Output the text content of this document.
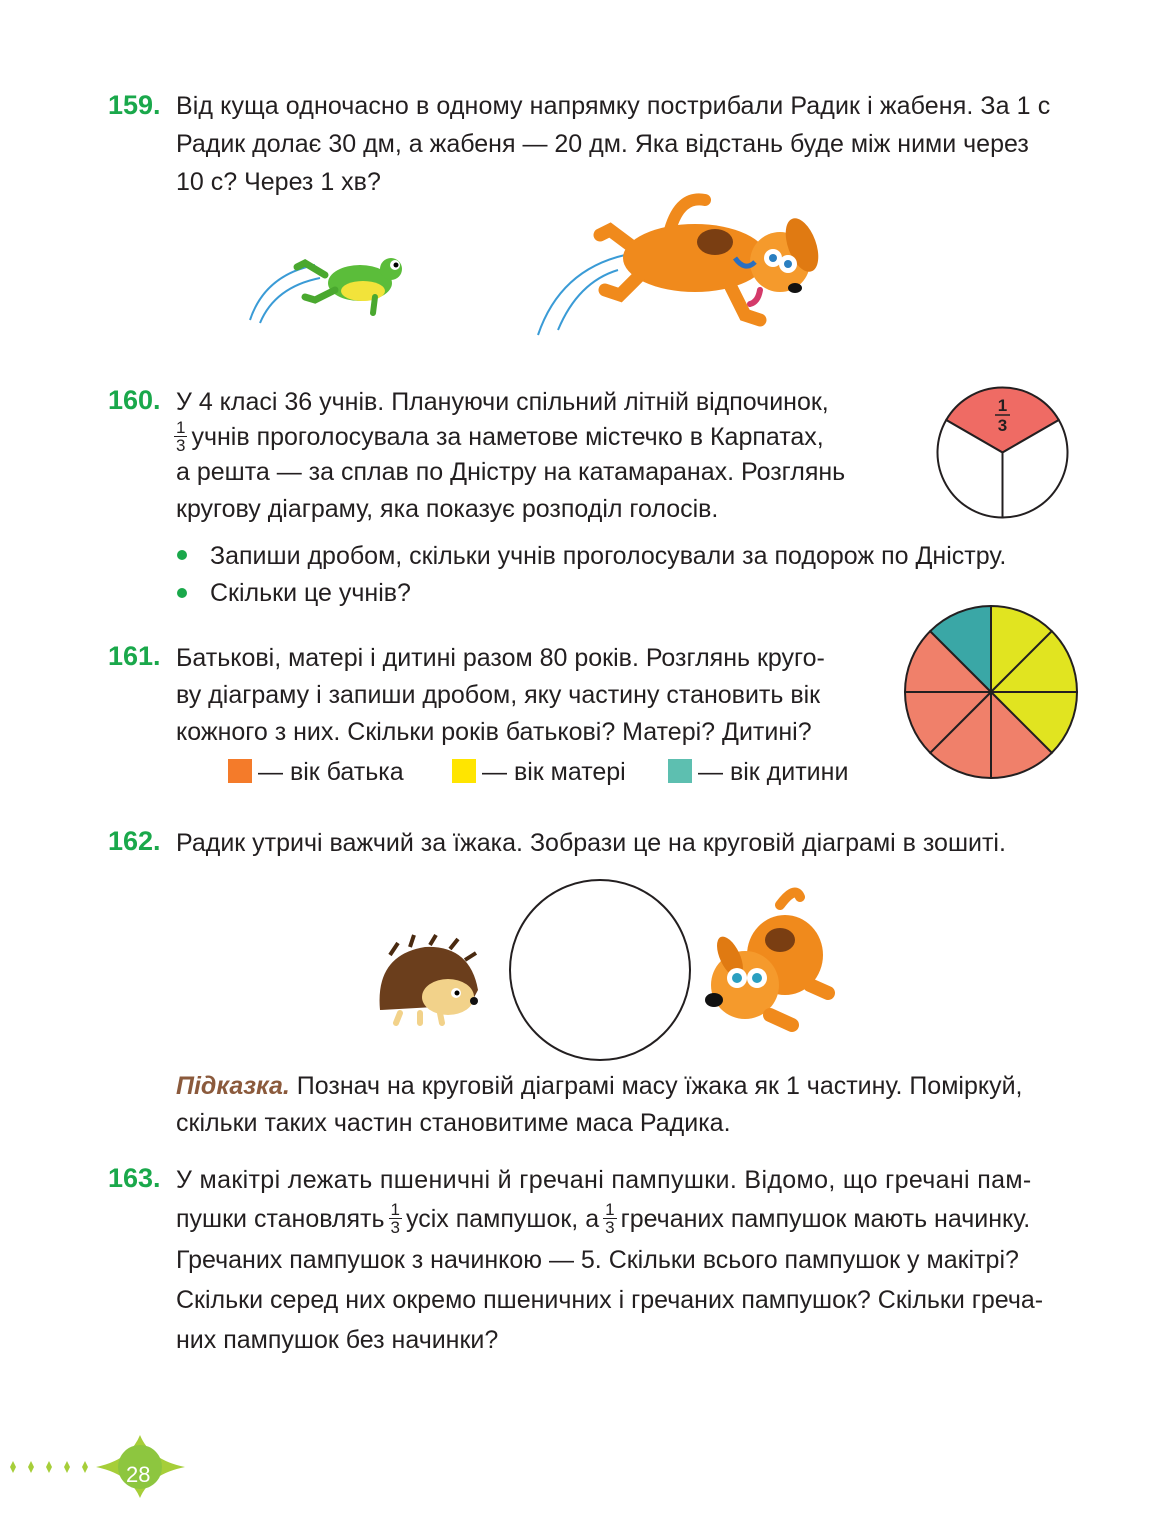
159. Від куща одночасно в одному напрямку пострибали Радик і жабеня. За 1 с
Радик долає 30 дм, а жабеня — 20 дм. Яка відстань буде між ними через
10 с? Через 1 хв?
160. У 4 класі 36 учнів. Плануючи спільний літній відпочинок,
$\frac{1}{3}$ учнів проголосувала за наметове містечко в Карпатах,
а решта — за сплав по Дністру на катамаранах. Розглянь
кругову діаграму, яка показує розподіл голосів.
1
3
Запиши дробом, скільки учнів проголосували за подорож по Дністру.
Скільки це учнів?
161. Батькові, матері і дитині разом 80 років. Розглянь круго-
ву діаграму і запиши дробом, яку частину становить вік
кожного з них. Скільки років батькові? Матері? Дитині?
— вік батька	— вік матері	— вік дитини
162. Радик утричі важчий за їжака. Зобрази це на круговій діаграмі в зошиті.
Підказка. Познач на круговій діаграмі масу їжака як 1 частину. Поміркуй,
скільки таких частин становитиме маса Радика.
163. У макітрі лежать пшеничні й гречані пампушки. Відомо, що гречані пам-
пушки становлять $\frac{1}{3}$ усіх пампушок, а $\frac{1}{3}$ гречаних пампушок мають начинку.
Гречаних пампушок з начинкою — 5. Скільки всього пампушок у макітрі?
Скільки серед них окремо пшеничних і гречаних пампушок? Скільки греча-
них пампушок без начинки?
28
